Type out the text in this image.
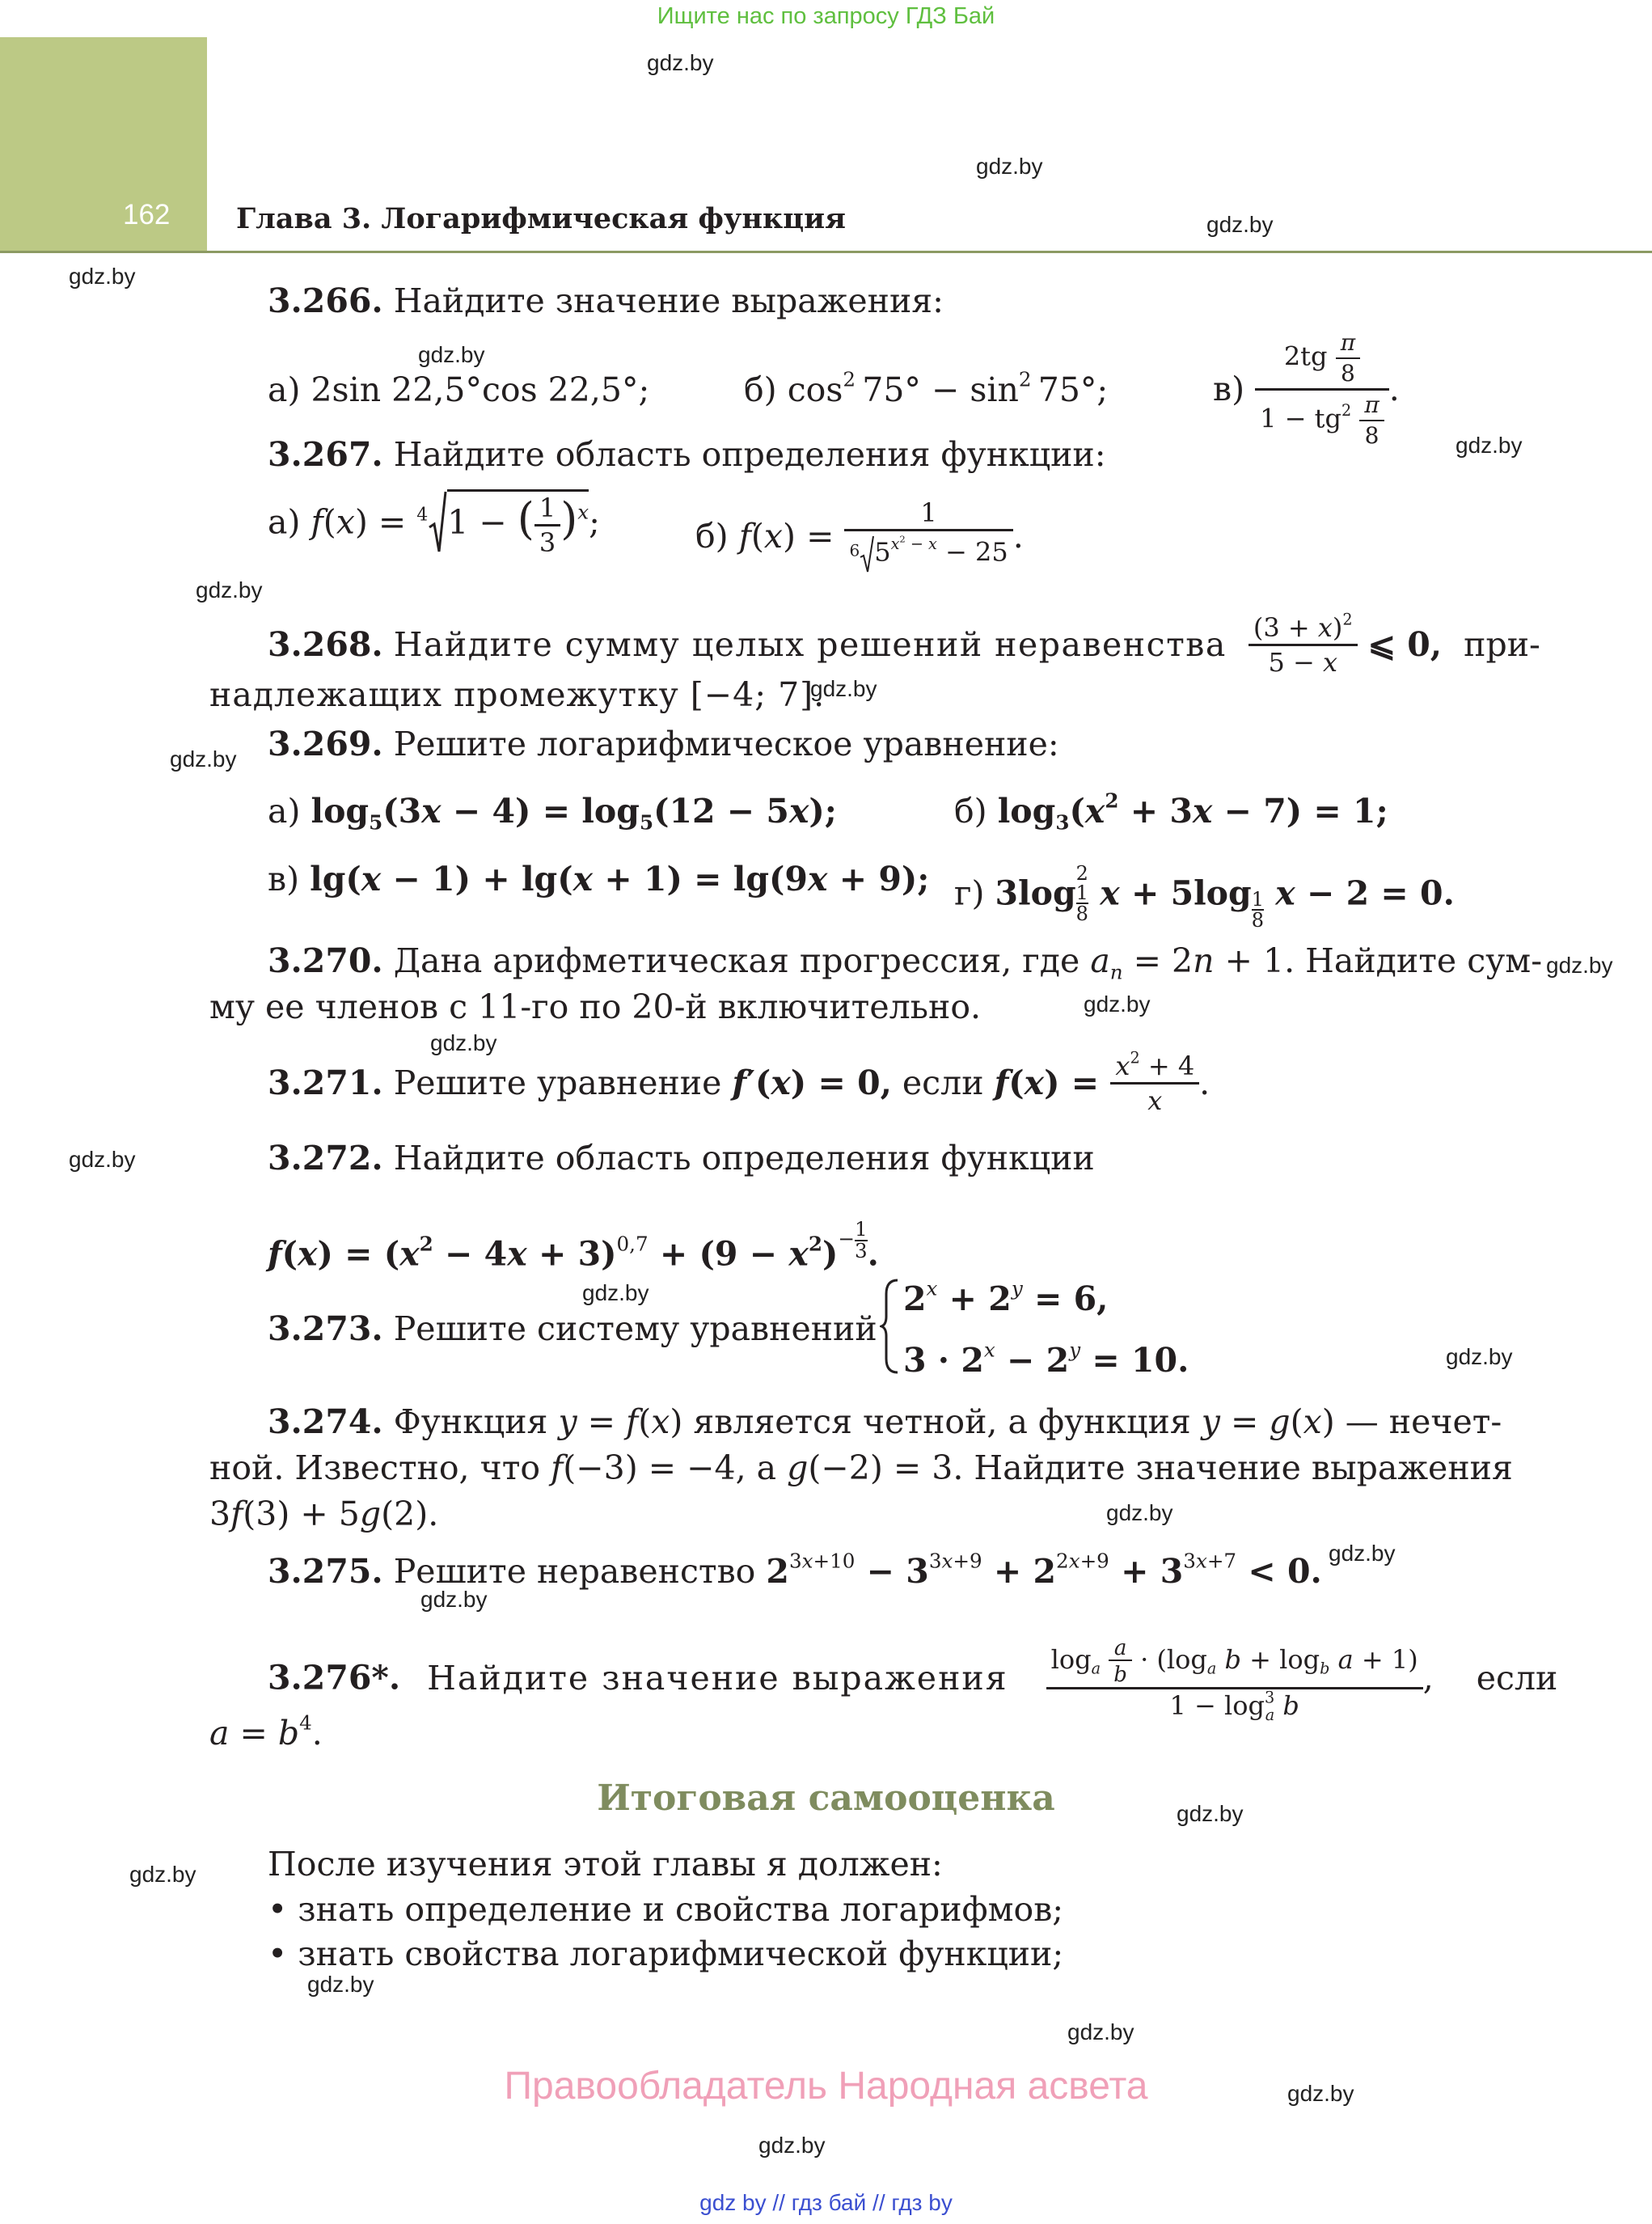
Ищите нас по запросу ГДЗ Бай
162 Глава 3. Логарифмическая функция
gdz.by
gdz.by
gdz.by
gdz.by
gdz.by
gdz.by
gdz.by
gdz.by
gdz.by
gdz.by
gdz.by
gdz.by
gdz.by
gdz.by
gdz.by
gdz.by
gdz.by
gdz.by
gdz.by
gdz.by
gdz.by
gdz.by
gdz.by
gdz.by
3.266. Найдите значение выражения:
а) 2sin 22,5°cos 22,5°;	б) $\cos^2 75^\circ - \sin^2 75^\circ$;	$в) \frac{2tg \frac{\pi}{8}}{1 - tg^2 \frac{\pi}{8}}$ .
3.267. Найдите область определения функции:
а) f(x) = $^4$ 1 − ( $\frac{1}{3} )^x$;	б) $f(x) = \frac{1}{^6 5^{x^2 - x} - 25}$ .
3.268. Найдите сумму целых решений неравенства $\frac{(3 + x)^2}{5 - x}$ ⩽ 0, при-
надлежащих промежутку [−4; 7].
3.269. Решите логарифмическое уравнение:
а) $\log_5(3x - 4) = \log_5(12 - 5x)$;	б) $\log_3(x^2 + 3x - 7) = 1$;
в) lg(x − 1) + lg(x + 1) = lg(9x + 9); г) 3log
2
1
8
$x + 5\log \frac{1}{8}$ x − 2 = 0.
3.270. Дана арифметическая прогрессия, где $a_n = 2n + 1$. Найдите сум-
му ее членов с 11-го по 20-й включительно.
3.271. Решите уравнение f′(x) = 0, если $f(x) = \frac{x^2 + 4}{x}$ .
3.272. Найдите область определения функции
$f(x) = (x^2 - 4x + 3)^{0,7} + (9 - x^2)^{- \frac{1}{3}}$ .
3.273. Решите систему уравнений
$2^x + 2^y = 6$,
$3 \cdot 2^x - 2^y = 10$.
3.274. Функция y = f(x) является четной, а функция y = g(x) — нечет-
ной. Известно, что f(−3) = −4, а g(−2) = 3. Найдите значение выражения
3f(3) + 5g(2).
3.275. Решите неравенство $2^{3x+10} - 3^{3x+9} + 2^{2x+9} + 3^{3x+7} < 0$.
3.276*. Найдите значение выражения $\frac{\log_a \frac{a}{b} \cdot (\log_a b + \log_b a + 1)}{1 - \log^3_a b}$ , если
$a = b^4$.
Итоговая самооценка
После изучения этой главы я должен:
• знать определение и свойства логарифмов;
• знать свойства логарифмической функции;
Правообладатель Народная асвета
gdz by // гдз бай // гдз by
